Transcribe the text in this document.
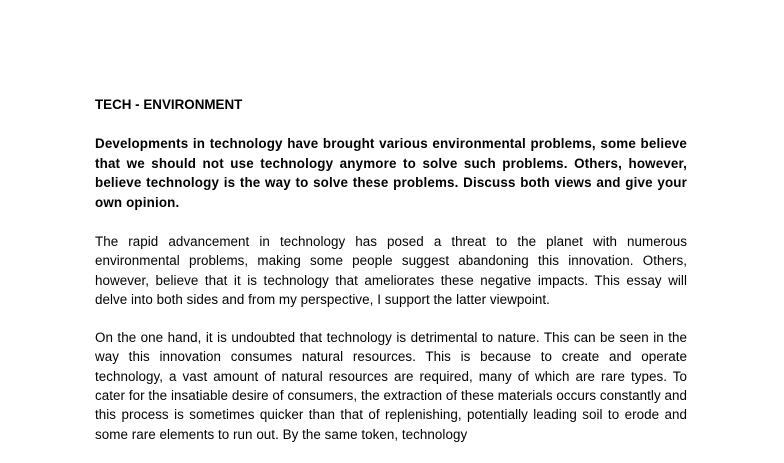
TECH - ENVIRONMENT
Developments in technology have brought various environmental problems, some believe that we should not use technology anymore to solve such problems. Others, however, believe technology is the way to solve these problems. Discuss both views and give your own opinion.
The rapid advancement in technology has posed a threat to the planet with numerous environmental problems, making some people suggest abandoning this innovation. Others, however, believe that it is technology that ameliorates these negative impacts. This essay will delve into both sides and from my perspective, I support the latter viewpoint.
On the one hand, it is undoubted that technology is detrimental to nature. This can be seen in the way this innovation consumes natural resources. This is because to create and operate technology, a vast amount of natural resources are required, many of which are rare types. To cater for the insatiable desire of consumers, the extraction of these materials occurs constantly and this process is sometimes quicker than that of replenishing, potentially leading soil to erode and some rare elements to run out. By the same token, technology
